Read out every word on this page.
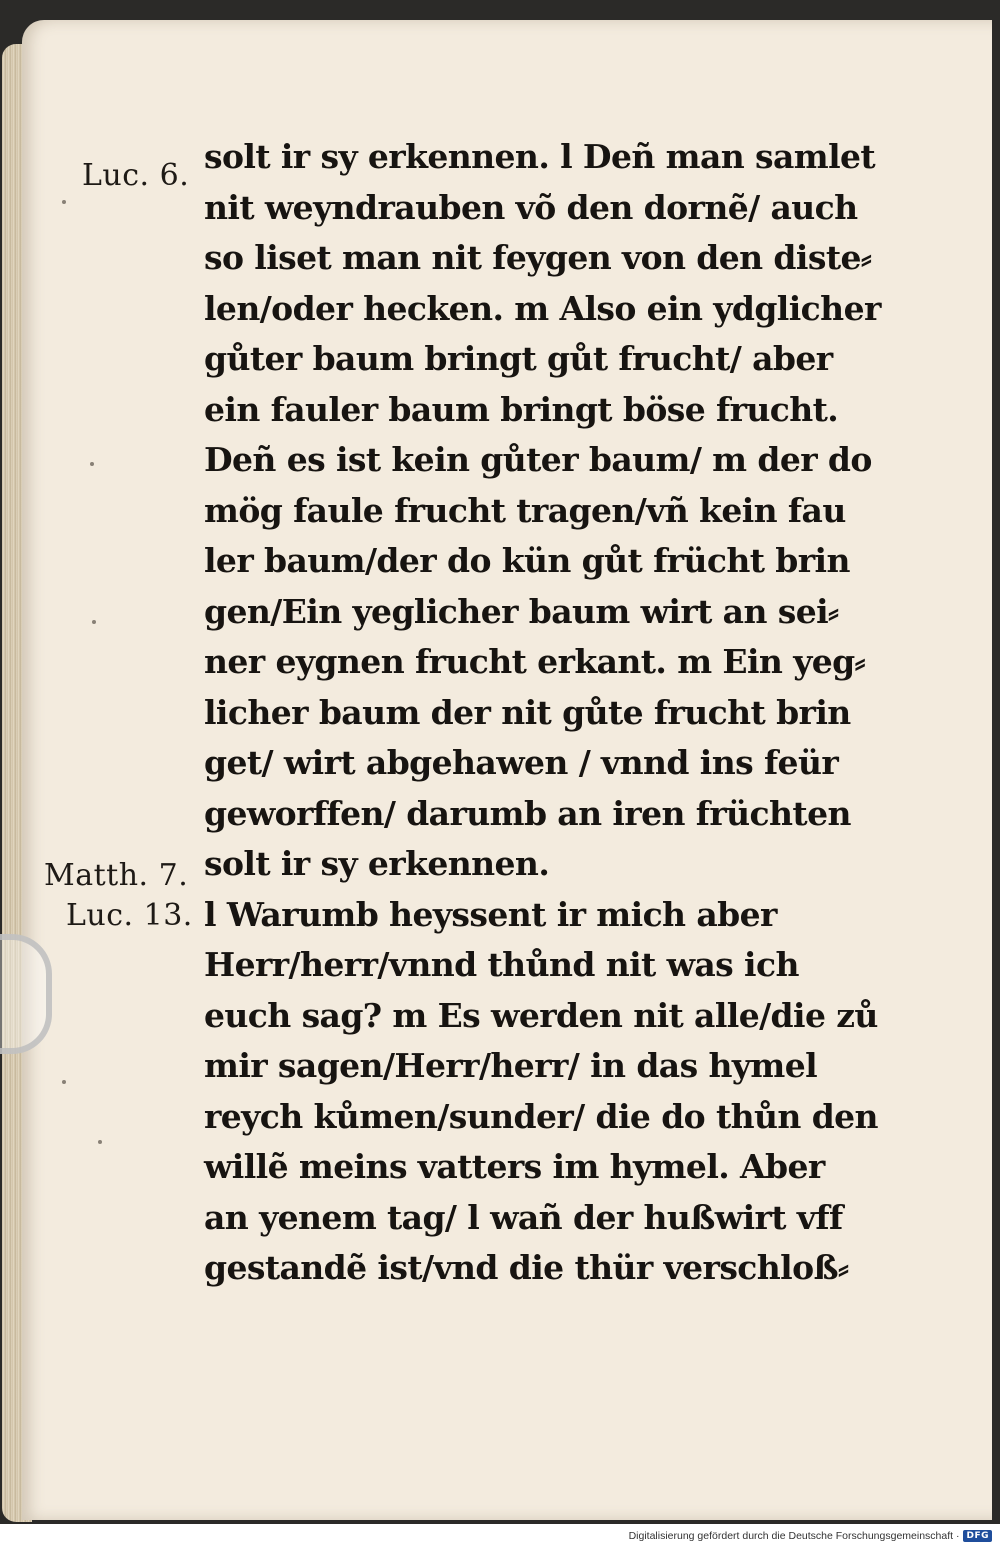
Luc. 6.
Matth. 7.
Luc. 13.
solt ir sy erkennen. l Deñ man samlet
nit weyndrauben võ den dornẽ/ auch
so liset man nit feygen von den diste⸗
len/oder hecken. m Also ein ydglicher
gůter baum bringt gůt frucht/ aber
ein fauler baum bringt böse frucht.
Deñ es ist kein gůter baum/ m der do
mög faule frucht tragen/vñ kein fau
ler baum/der do kün gůt frücht brin
gen/Ein yeglicher baum wirt an sei⸗
ner eygnen frucht erkant. m Ein yeg⸗
licher baum der nit gůte frucht brin
get/ wirt abgehawen / vnnd ins feür
geworffen/ darumb an iren früchten
solt ir sy erkennen.
l Warumb heyssent ir mich aber
Herr/herr/vnnd thůnd nit was ich
euch sag? m Es werden nit alle/die zů
mir sagen/Herr/herr/ in das hymel
reych kůmen/sunder/ die do thůn den
willẽ meins vatters im hymel. Aber
an yenem tag/ l wañ der hußwirt vff
gestandẽ ist/vnd die thür verschloß⸗
Digitalisierung gefördert durch die Deutsche Forschungsgemeinschaft · DFG
